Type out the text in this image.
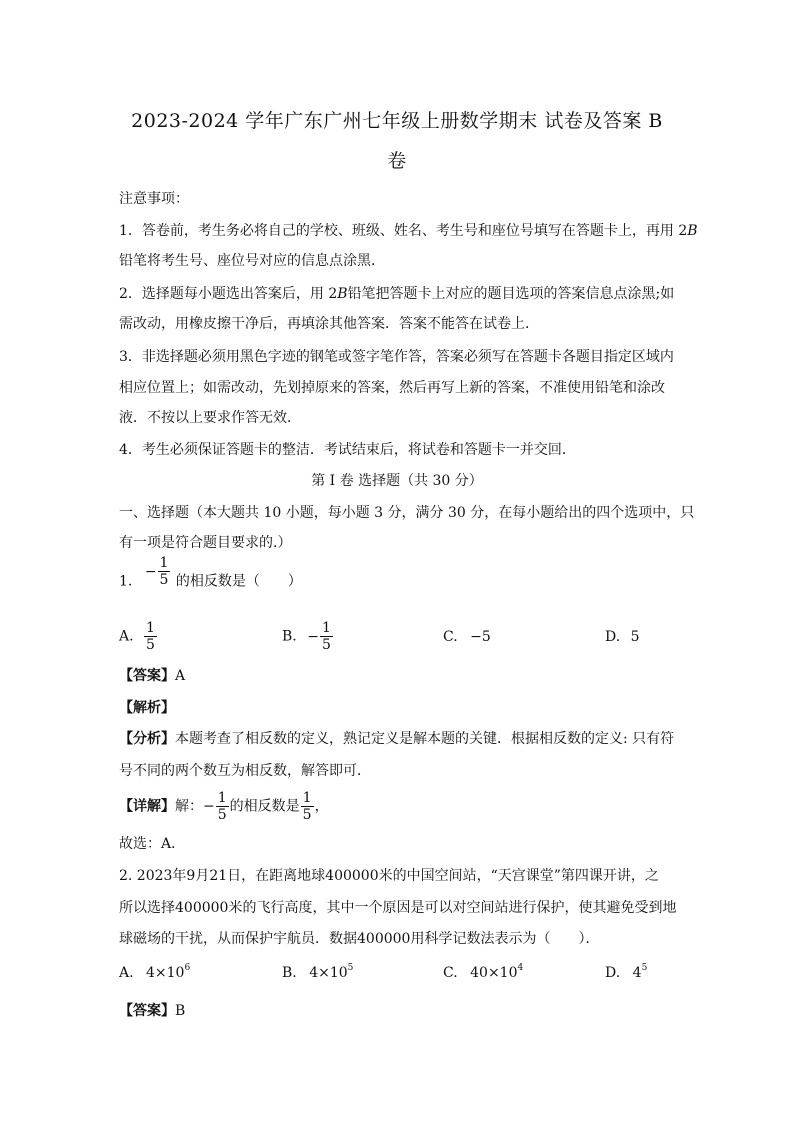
2023-2024 学年广东广州七年级上册数学期末 试卷及答案 B
卷
注意事项：
1．答卷前，考生务必将自己的学校、班级、姓名、考生号和座位号填写在答题卡上，再用 2B
铅笔将考生号、座位号对应的信息点涂黑．
2．选择题每小题选出答案后，用 2B铅笔把答题卡上对应的题目选项的答案信息点涂黑;如
需改动，用橡皮擦干净后，再填涂其他答案．答案不能答在试卷上．
3．非选择题必须用黑色字迹的钢笔或签字笔作答，答案必须写在答题卡各题目指定区域内
相应位置上；如需改动，先划掉原来的答案，然后再写上新的答案，不准使用铅笔和涂改
液．不按以上要求作答无效．
4．考生必须保证答题卡的整洁．考试结束后，将试卷和答题卡一并交回．
第 I 卷 选择题（共 30 分）
一、选择题（本大题共 10 小题，每小题 3 分，满分 30 分，在每小题给出的四个选项中，只
有一项是符合题目要求的.）
1. − $\frac{1}{5}$ 的相反数是（　　）
A. $\frac{1}{5}$	B. − $\frac{1}{5}$	C. −5	D. 5
【答案】A
【解析】
【分析】本题考查了相反数的定义，熟记定义是解本题的关键．根据相反数的定义: 只有符
号不同的两个数互为相反数，解答即可．
【详解】解：− $\frac{1}{5}$ 的相反数是 $\frac{1}{5}$ ，
故选：A．
2. 2023年9月21日，在距离地球400000米的中国空间站，“天宫课堂”第四课开讲，之
所以选择400000米的飞行高度，其中一个原因是可以对空间站进行保护，使其避免受到地
球磁场的干扰，从而保护宇航员．数据400000用科学记数法表示为（　　）．
A. $4\times 10^6$	B. $4\times 10^5$	C. $40\times 10^4$	D. $4^5$
【答案】B
